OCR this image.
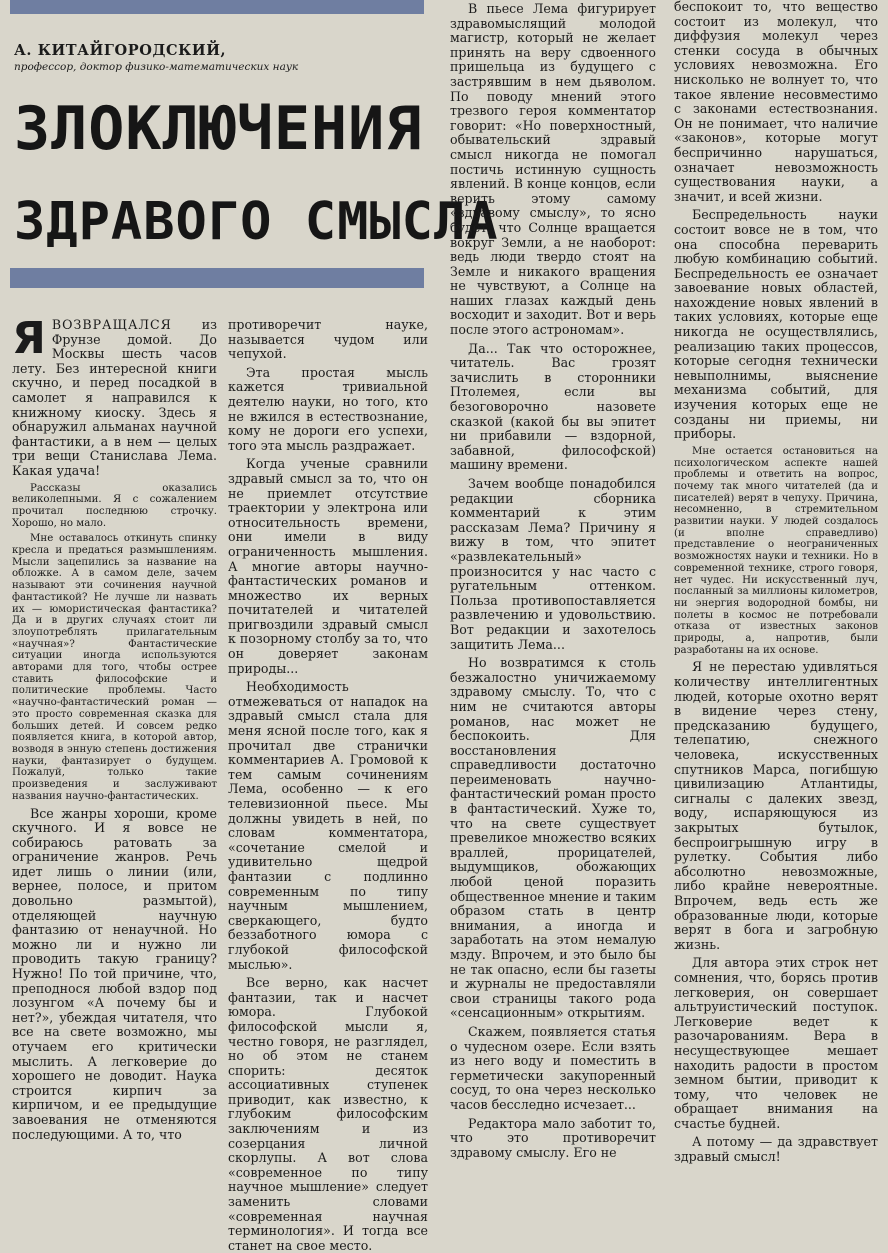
А. КИТАЙГОРОДСКИЙ,
профессор, доктор физико-математических наук
ЗЛОКЛЮЧЕНИЯ
ЗДРАВОГО СМЫСЛА

ЯВОЗВРАЩАЛСЯ из Фрунзе домой. До Москвы шесть часов лету. Без интересной книги скучно, и перед посадкой в самолет я направился к книжному киоску. Здесь я обнаружил альманах научной фантастики, а в нем — целых три вещи Станислава Лема. Какая удача!

Рассказы оказались великолепными. Я с сожалением прочитал последнюю строчку. Хорошо, но мало.

Мне оставалось откинуть спинку кресла и предаться размышлениям. Мысли зацепились за название на обложке. А в самом деле, зачем называют эти сочинения научной фантастикой? Не лучше ли назвать их — юмористическая фантастика? Да и в других случаях стоит ли злоупотреблять прилагательным «научная»? Фантастические ситуации иногда используются авторами для того, чтобы острее ставить философские и политические проблемы. Часто «научно-фантастический роман — это просто современная сказка для больших детей. И совсем редко появляется книга, в которой автор, возводя в энную степень достижения науки, фантазирует о будущем. Пожалуй, только такие произведения и заслуживают названия научно-фантастических.

Все жанры хороши, кроме скучного. И я вовсе не собираюсь ратовать за ограничение жанров. Речь идет лишь о линии (или, вернее, полосе, и притом довольно размытой), отделяющей научную фантазию от ненаучной. Но можно ли и нужно ли проводить такую границу? Нужно! По той причине, что, преподнося любой вздор под лозунгом «А почему бы и нет?», убеждая читателя, что все на свете возможно, мы отучаем его критически мыслить. А легковерие до хорошего не доводит. Наука строится кирпич за кирпичом, и ее предыдущие завоевания не отменяются последующими. А то, что

противоречит науке, называется чудом или чепухой.

Эта простая мысль кажется тривиальной деятелю науки, но того, кто не вжился в естествознание, кому не дороги его успехи, того эта мысль раздражает.

Когда ученые сравнили здравый смысл за то, что он не приемлет отсутствие траектории у электрона или относительность времени, они имели в виду ограниченность мышления. А многие авторы научно-фантастических романов и множество их верных почитателей и читателей пригвоздили здравый смысл к позорному столбу за то, что он доверяет законам природы...

Необходимость отмежеваться от нападок на здравый смысл стала для меня ясной после того, как я прочитал две странички комментариев А. Громовой к тем самым сочинениям Лема, особенно — к его телевизионной пьесе. Мы должны увидеть в ней, по словам комментатора, «сочетание смелой и удивительно щедрой фантазии с подлинно современным по типу научным мышлением, сверкающего, будто беззаботного юмора с глубокой философской мыслью».

Все верно, как насчет фантазии, так и насчет юмора. Глубокой философской мысли я, честно говоря, не разглядел, но об этом не станем спорить: десяток ассоциативных ступенек приводит, как известно, к глубоким философским заключениям и из созерцания личной скорлупы. А вот слова «современное по типу научное мышление» следует заменить словами «современная научная терминология». И тогда все станет на свое место.

В пьесе Лема фигурирует здравомыслящий молодой магистр, который не желает принять на веру сдвоенного пришельца из будущего с застрявшим в нем дьяволом. По поводу мнений этого трезвого героя комментатор говорит: «Но поверхностный, обывательский здравый смысл никогда не помогал постичь истинную сущность явлений. В конце концов, если верить этому самому «здравому смыслу», то ясно будет, что Солнце вращается вокруг Земли, а не наоборот: ведь люди твердо стоят на Земле и никакого вращения не чувствуют, а Солнце на наших глазах каждый день восходит и заходит. Вот и верь после этого астрономам».

Да... Так что осторожнее, читатель. Вас грозят зачислить в сторонники Птолемея, если вы безоговорочно назовете сказкой (какой бы вы эпитет ни прибавили — вздорной, забавной, философской) машину времени.

Зачем вообще понадобился редакции сборника комментарий к этим рассказам Лема? Причину я вижу в том, что эпитет «развлекательный» произносится у нас часто с ругательным оттенком. Польза противопоставляется развлечению и удовольствию. Вот редакции и захотелось защитить Лема...

Но возвратимся к столь безжалостно уничижаемому здравому смыслу. То, что с ним не считаются авторы романов, нас может не беспокоить. Для восстановления справедливости достаточно переименовать научно-фантастический роман просто в фантастический. Хуже то, что на свете существует превеликое множество всяких враллей, прорицателей, выдумщиков, обожающих любой ценой поразить общественное мнение и таким образом стать в центр внимания, а иногда и заработать на этом немалую мзду. Впрочем, и это было бы не так опасно, если бы газеты и журналы не предоставляли свои страницы такого рода «сенсационным» открытиям.

Скажем, появляется статья о чудесном озере. Если взять из него воду и поместить в герметически закупоренный сосуд, то она через несколько часов бесследно исчезает...

Редактора мало заботит то, что это противоречит здравому смыслу. Его не

беспокоит то, что вещество состоит из молекул, что диффузия молекул через стенки сосуда в обычных условиях невозможна. Его нисколько не волнует то, что такое явление несовместимо с законами естествознания. Он не понимает, что наличие «законов», которые могут беспричинно нарушаться, означает невозможность существования науки, а значит, и всей жизни.

Беспредельность науки состоит вовсе не в том, что она способна переварить любую комбинацию событий. Беспредельность ее означает завоевание новых областей, нахождение новых явлений в таких условиях, которые еще никогда не осуществлялись, реализацию таких процессов, которые сегодня технически невыполнимы, выяснение механизма событий, для изучения которых еще не созданы ни приемы, ни приборы.

Мне остается остановиться на психологическом аспекте нашей проблемы и ответить на вопрос, почему так много читателей (да и писателей) верят в чепуху. Причина, несомненно, в стремительном развитии науки. У людей создалось (и вполне справедливо) представление о неограниченных возможностях науки и техники. Но в современной технике, строго говоря, нет чудес. Ни искусственный луч, посланный за миллионы километров, ни энергия водородной бомбы, ни полеты в космос не потребовали отказа от известных законов природы, а, напротив, были разработаны на их основе.

Я не перестаю удивляться количеству интеллигентных людей, которые охотно верят в видение через стену, предсказанию будущего, телепатию, снежного человека, искусственных спутников Марса, погибшую цивилизацию Атлантиды, сигналы с далеких звезд, воду, испаряющуюся из закрытых бутылок, беспроигрышную игру в рулетку. События либо абсолютно невозможные, либо крайне невероятные. Впрочем, ведь есть же образованные люди, которые верят в бога и загробную жизнь.

Для автора этих строк нет сомнения, что, борясь против легковерия, он совершает альтруистический поступок. Легковерие ведет к разочарованиям. Вера в несуществующее мешает находить радости в простом земном бытии, приводит к тому, что человек не обращает внимания на счастье будней.

А потому — да здравствует здравый смысл!
